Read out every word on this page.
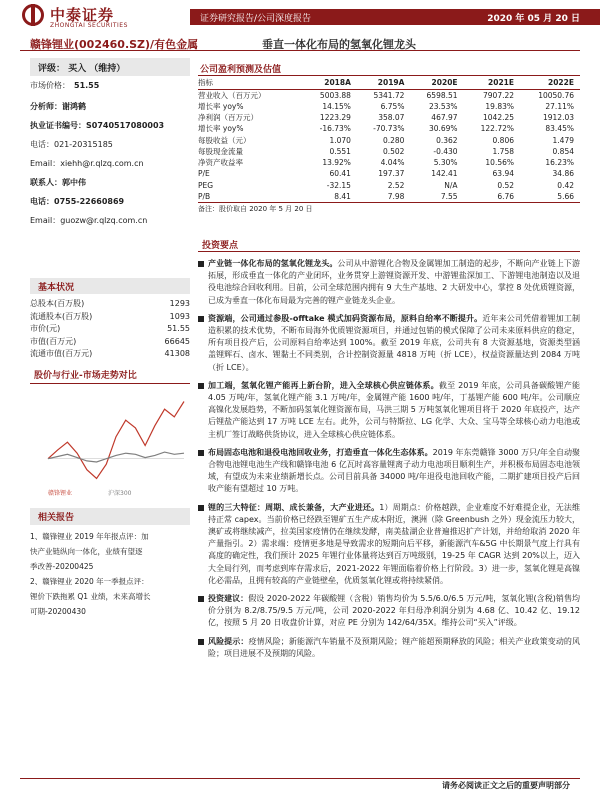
中泰证券
ZHONGTAI SECURITIES
证券研究报告/公司深度报告	2020 年 05 月 20 日
赣锋锂业(002460.SZ)/有色金属	垂直一体化布局的氢氧化锂龙头
评级： 买入 （维持）
市场价格： 51.55
分析师：谢鸿鹤
执业证书编号：S0740517080003
电话：021-20315185
Email：xiehh@r.qlzq.com.cn
联系人：郭中伟
电话：0755-22660869
Email：guozw@r.qlzq.com.cn
基本状况
总股本(百万股)	1293
流通股本(百万股)	1093
市价(元)	51.55
市值(百万元)	66645
流通市值(百万元)	41308
股价与行业-市场走势对比
赣锋锂业	沪深300
相关报告
1、赣锋锂业 2019 年年报点评：加
快产业链纵向一体化，业绩有望逐
季改善-20200425
2、赣锋锂业 2020 年一季报点评：
锂价下跌拖累 Q1 业绩，未来高增长
可期-20200430
公司盈利预测及估值
指标	2018A	2019A	2020E	2021E	2022E
营业收入（百万元）	5003.88	5341.72	6598.51	7907.22	10050.76
增长率 yoy%	14.15%	6.75%	23.53%	19.83%	27.11%
净利润（百万元）	1223.29	358.07	467.97	1042.25	1912.03
增长率 yoy%	-16.73%	-70.73%	30.69%	122.72%	83.45%
每股收益（元）	1.070	0.280	0.362	0.806	1.479
每股现金流量	0.551	0.502	-0.430	1.758	0.854
净资产收益率	13.92%	4.04%	5.30%	10.56%	16.23%
P/E	60.41	197.37	142.41	63.94	34.86
PEG	-32.15	2.52	N/A	0.52	0.42
P/B	8.41	7.98	7.55	6.76	5.66
备注：股价取自 2020 年 5 月 20 日
投资要点
产业链一体化布局的氢氧化锂龙头。公司从中游锂化合物及金属锂加工制造的起步，不断向产业链上下游拓展，形成垂直一体化的产业闭环，业务贯穿上游锂资源开发、中游锂盐深加工、下游锂电池制造以及退役电池综合回收利用。目前，公司全球范围内拥有 9 大生产基地、2 大研发中心，掌控 8 处优质锂资源，已成为垂直一体化布局最为完善的锂产业链龙头企业。
资源端，公司通过参股-offtake 模式加码资源布局，原料自给率不断提升。近年来公司凭借着锂加工制造积累的技术优势，不断布局海外优质锂资源项目，并通过包销的模式保障了公司未来原料供应的稳定，所有项目投产后，公司原料自给率达到 100%。截至 2019 年底，公司共有 8 大资源基地，资源类型涵盖锂辉石、卤水、锂黏土不同类别，合计控制资源量 4818 万吨（折 LCE），权益资源量达到 2084 万吨（折 LCE）。
加工端，氢氧化锂产能再上新台阶，进入全球核心供应链体系。截至 2019 年底，公司具备碳酸锂产能 4.05 万吨/年，氢氧化锂产能 3.1 万吨/年，金属锂产能 1600 吨/年，丁基锂产能 600 吨/年。公司顺应高镍化发展趋势，不断加码氢氧化锂资源布局，马洪三期 5 万吨氢氧化锂项目将于 2020 年底投产，达产后锂盐产能达到 17 万吨 LCE 左右。此外，公司与特斯拉、LG 化学、大众、宝马等全球核心动力电池或主机厂签订战略供货协议，进入全球核心供应链体系。
布局固态电池和退役电池回收业务，打造垂直一体化生态体系。2019 年东莞赣锋 3000 万只/年全自动聚合物电池锂电池生产线和赣锋电池 6 亿瓦时高容量锂离子动力电池项目顺利生产，并积极布局固态电池领域，有望成为未来业绩新增长点。公司目前具备 34000 吨/年退役电池回收产能，二期扩建项目投产后回收产能有望超过 10 万吨。
锂的三大特征：周期、成长兼备，大产业进还。1）周期点：价格越跌，企业难度不好难提企业，无法维持正常 capex。当前价格已经跌至锂矿五生产成本附近，澳洲（除 Greenbush 之外）现金流压力较大，澳矿或将继续减产，拉美国家疫情仍在继续发酵，南美盐湖企业普遍推迟扩产计划，并给给取消 2020 年产量指引。2）需求端：疫情更多地是导致需求的短期向后平移，新能源汽车&5G 中长期景气度上行具有高度的确定性，我们预计 2025 年锂行业体量将达到百万吨级别，19-25 年 CAGR 达到 20%以上，迈入大全局行列，而考虑到库存需求后，2021-2022 年锂面临着价格上行阶段。3）进一步，氢氧化锂是高镍化必需品，且拥有较高的产业链壁垒，优质氢氧化锂或将持续紧俏。
投资建议：假设 2020-2022 年碳酸锂（含税）销售均价为 5.5/6.0/6.5 万元/吨，氢氧化锂(含税)销售均价分别为 8.2/8.75/9.5 万元/吨，公司 2020-2022 年归母净利润分别为 4.68 亿、10.42 亿、19.12 亿，按照 5 月 20 日收盘价计算，对应 PE 分别为 142/64/35X。维持公司“买入”评级。
风险提示：疫情风险；新能源汽车销量不及预期风险；锂产能超预期释放的风险；相关产业政策变动的风险；项目进展不及预期的风险。
请务必阅读正文之后的重要声明部分
